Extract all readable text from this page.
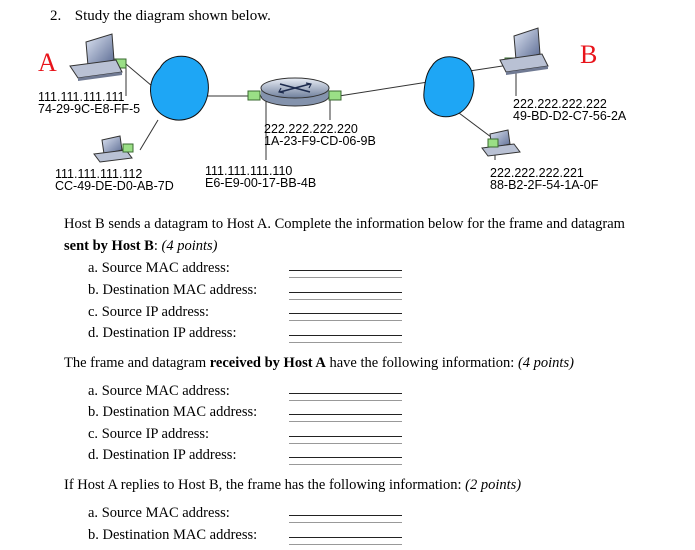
2. Study the diagram shown below.
A	B
111.111.111.111
74-29-9C-E8-FF-5
111.111.111.112
CC-49-DE-D0-AB-7D
111.111.111.110
E6-E9-00-17-BB-4B
222.222.222.220
1A-23-F9-CD-06-9B
222.222.222.222
49-BD-D2-C7-56-2A
222.222.222.221
88-B2-2F-54-1A-0F
Host B sends a datagram to Host A. Complete the information below for the frame and datagram
sent by Host B: (4 points)
a. Source MAC address:
b. Destination MAC address:
c. Source IP address:
d. Destination IP address:
The frame and datagram received by Host A have the following information: (4 points)
a. Source MAC address:
b. Destination MAC address:
c. Source IP address:
d. Destination IP address:
If Host A replies to Host B, the frame has the following information: (2 points)
a. Source MAC address:
b. Destination MAC address:
